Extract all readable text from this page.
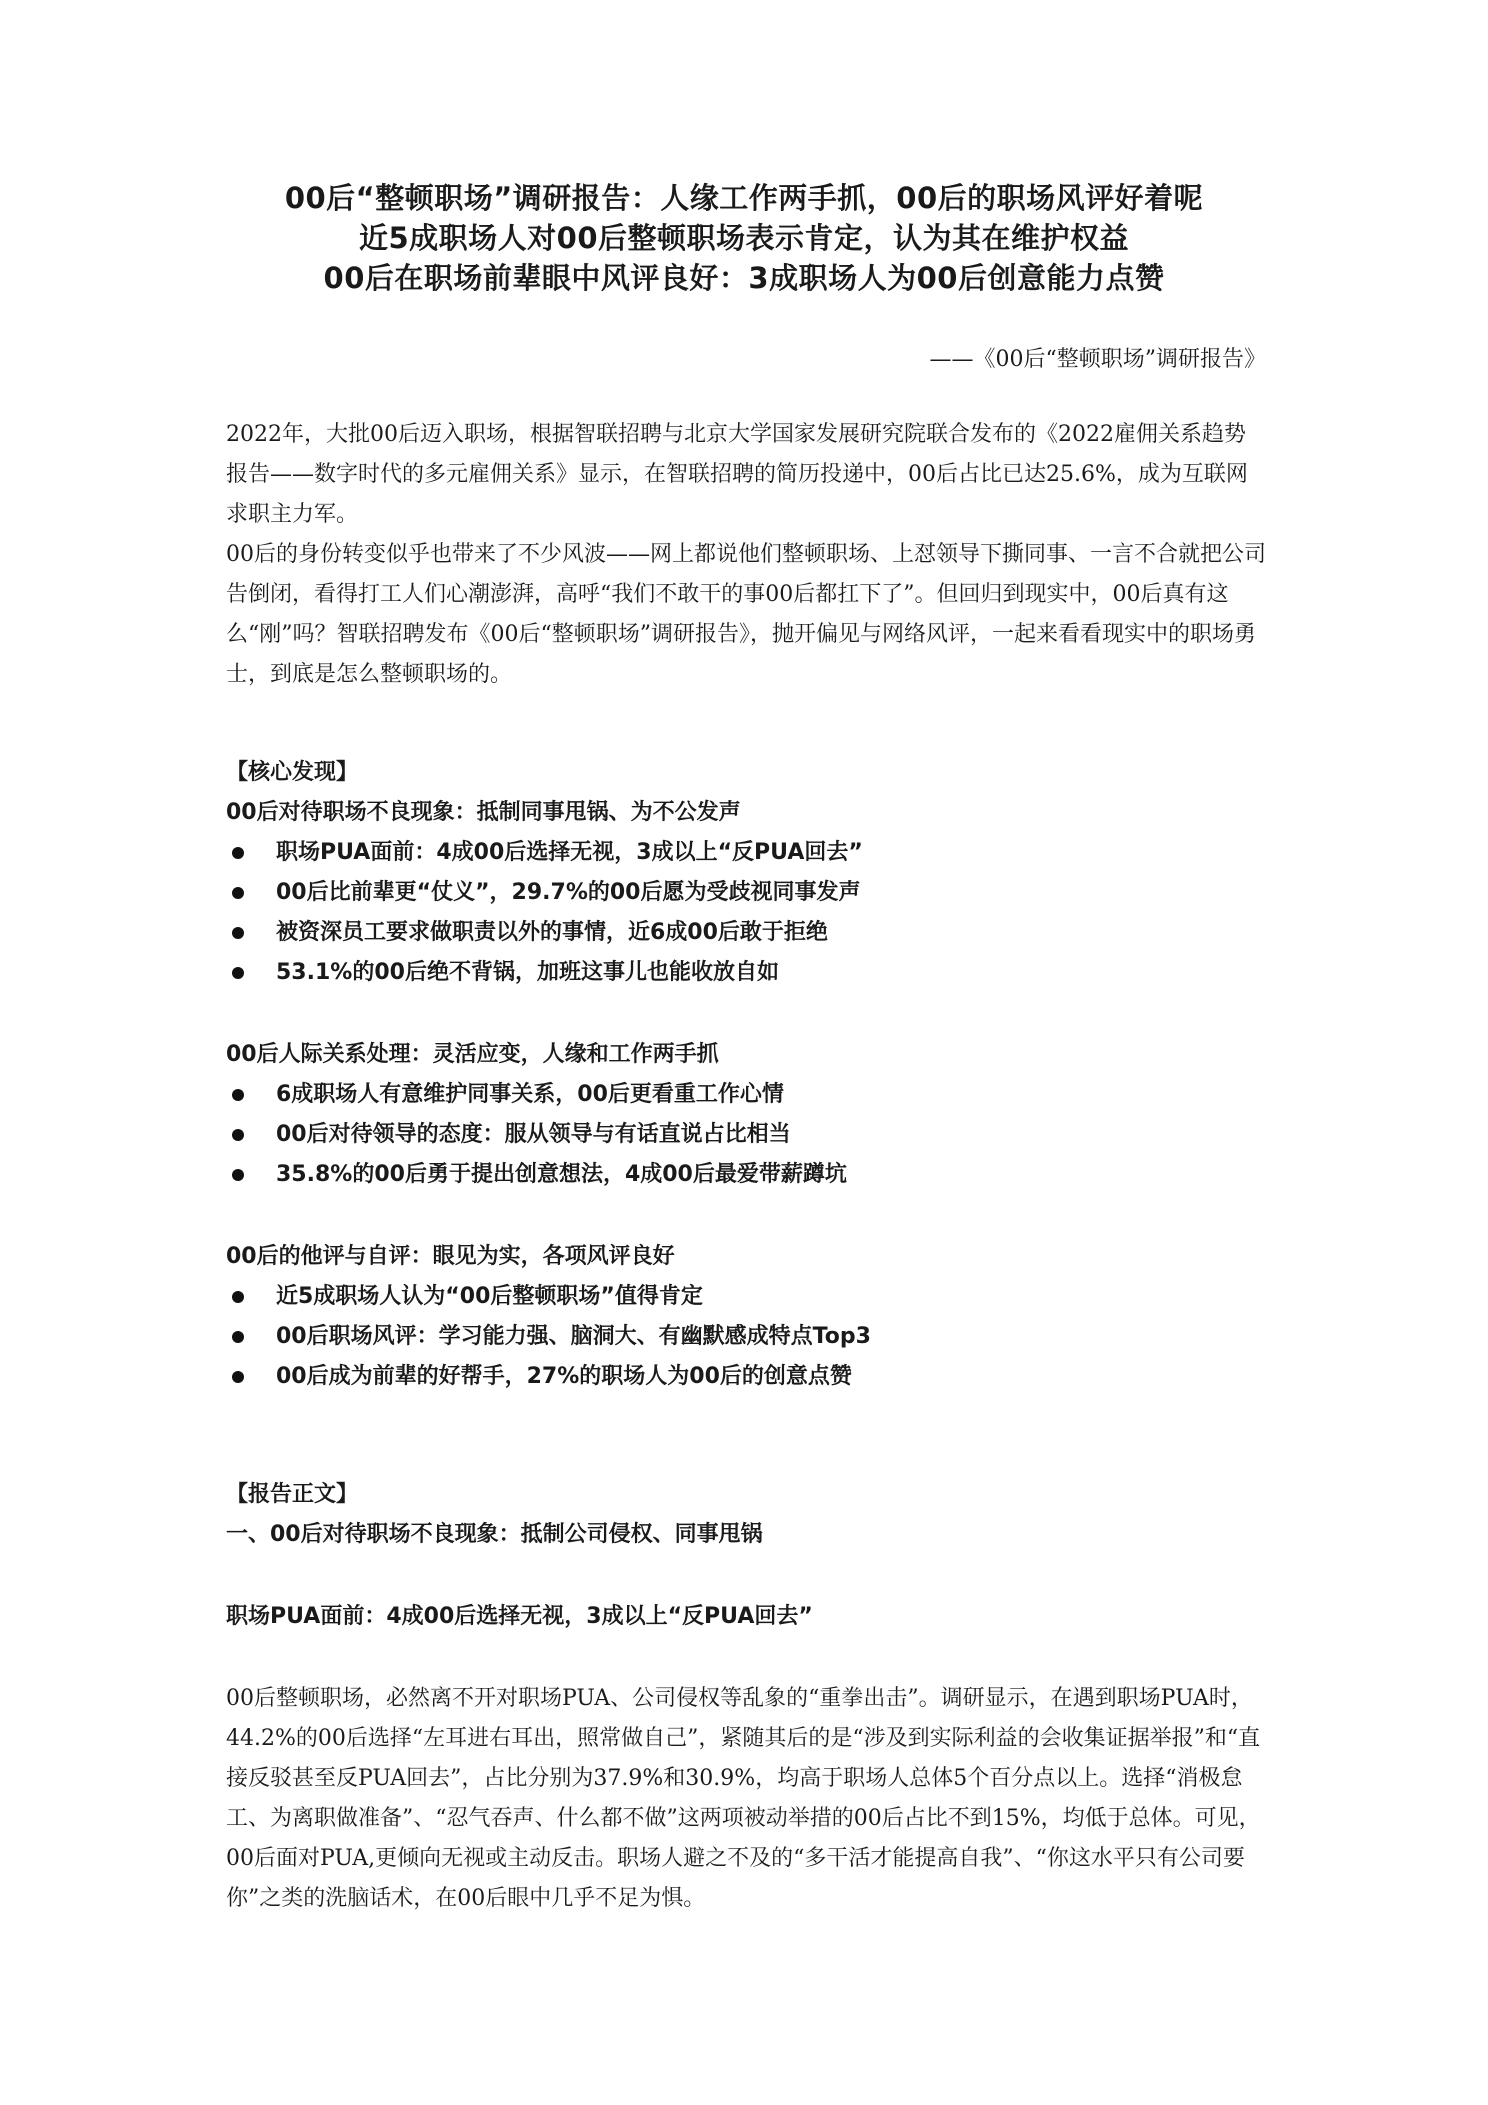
00后“整顿职场”调研报告：人缘工作两手抓，00后的职场风评好着呢
近5成职场人对00后整顿职场表示肯定，认为其在维护权益
00后在职场前辈眼中风评良好：3成职场人为00后创意能力点赞
——《00后“整顿职场”调研报告》

2022年，大批00后迈入职场，根据智联招聘与北京大学国家发展研究院联合发布的《2022雇佣关系趋势报告——数字时代的多元雇佣关系》显示，在智联招聘的简历投递中，00后占比已达25.6%，成为互联网求职主力军。

00后的身份转变似乎也带来了不少风波——网上都说他们整顿职场、上怼领导下撕同事、一言不合就把公司告倒闭，看得打工人们心潮澎湃，高呼“我们不敢干的事00后都扛下了”。但回归到现实中，00后真有这么“刚”吗？智联招聘发布《00后“整顿职场”调研报告》，抛开偏见与网络风评，一起来看看现实中的职场勇士，到底是怎么整顿职场的。

【核心发现】

00后对待职场不良现象：抵制同事甩锅、为不公发声

职场PUA面前：4成00后选择无视，3成以上“反PUA回去”
00后比前辈更“仗义”，29.7%的00后愿为受歧视同事发声
被资深员工要求做职责以外的事情，近6成00后敢于拒绝
53.1%的00后绝不背锅，加班这事儿也能收放自如

00后人际关系处理：灵活应变，人缘和工作两手抓

6成职场人有意维护同事关系，00后更看重工作心情
00后对待领导的态度：服从领导与有话直说占比相当
35.8%的00后勇于提出创意想法，4成00后最爱带薪蹲坑

00后的他评与自评：眼见为实，各项风评良好

近5成职场人认为“00后整顿职场”值得肯定
00后职场风评：学习能力强、脑洞大、有幽默感成特点Top3
00后成为前辈的好帮手，27%的职场人为00后的创意点赞

【报告正文】

一、00后对待职场不良现象：抵制公司侵权、同事甩锅

职场PUA面前：4成00后选择无视，3成以上“反PUA回去”

00后整顿职场，必然离不开对职场PUA、公司侵权等乱象的“重拳出击”。调研显示，在遇到职场PUA时，44.2%的00后选择“左耳进右耳出，照常做自己”，紧随其后的是“涉及到实际利益的会收集证据举报”和“直接反驳甚至反PUA回去”，占比分别为37.9%和30.9%，均高于职场人总体5个百分点以上。选择“消极怠工、为离职做准备”、“忍气吞声、什么都不做”这两项被动举措的00后占比不到15%，均低于总体。可见，00后面对PUA,更倾向无视或主动反击。职场人避之不及的“多干活才能提高自我”、“你这水平只有公司要你”之类的洗脑话术，在00后眼中几乎不足为惧。
